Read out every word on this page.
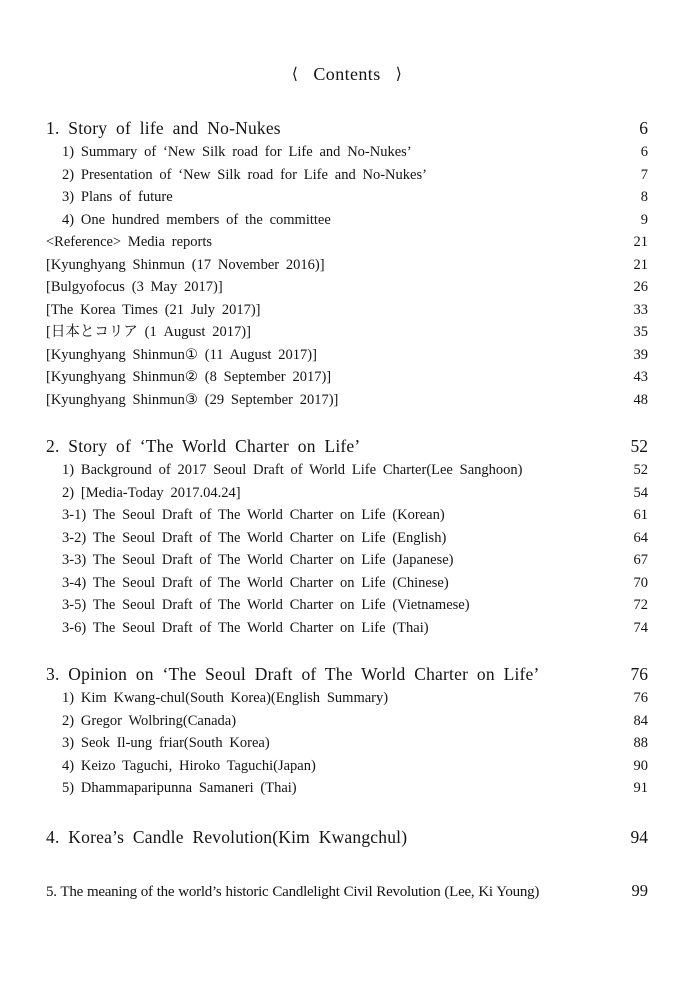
⟨ Contents ⟩
1. Story of life and No-Nukes	6
1) Summary of ‘New Silk road for Life and No-Nukes’	6
2) Presentation of ‘New Silk road for Life and No-Nukes’	7
3) Plans of future	8
4) One hundred members of the committee	9
<Reference> Media reports	21
[Kyunghyang Shinmun (17 November 2016)]	21
[Bulgyofocus (3 May 2017)]	26
[The Korea Times (21 July 2017)]	33
[日本とコリア (1 August 2017)]	35
[Kyunghyang Shinmun① (11 August 2017)]	39
[Kyunghyang Shinmun② (8 September 2017)]	43
[Kyunghyang Shinmun③ (29 September 2017)]	48
2. Story of ‘The World Charter on Life’	52
1) Background of 2017 Seoul Draft of World Life Charter(Lee Sanghoon)	52
2) [Media-Today 2017.04.24]	54
3-1) The Seoul Draft of The World Charter on Life (Korean)	61
3-2) The Seoul Draft of The World Charter on Life (English)	64
3-3) The Seoul Draft of The World Charter on Life (Japanese)	67
3-4) The Seoul Draft of The World Charter on Life (Chinese)	70
3-5) The Seoul Draft of The World Charter on Life (Vietnamese)	72
3-6) The Seoul Draft of The World Charter on Life (Thai)	74
3. Opinion on ‘The Seoul Draft of The World Charter on Life’	76
1) Kim Kwang-chul(South Korea)(English Summary)	76
2) Gregor Wolbring(Canada)	84
3) Seok Il-ung friar(South Korea)	88
4) Keizo Taguchi, Hiroko Taguchi(Japan)	90
5) Dhammaparipunna Samaneri (Thai)	91
4. Korea’s Candle Revolution(Kim Kwangchul)	94
5. The meaning of the world’s historic Candlelight Civil Revolution (Lee, Ki Young)	99
